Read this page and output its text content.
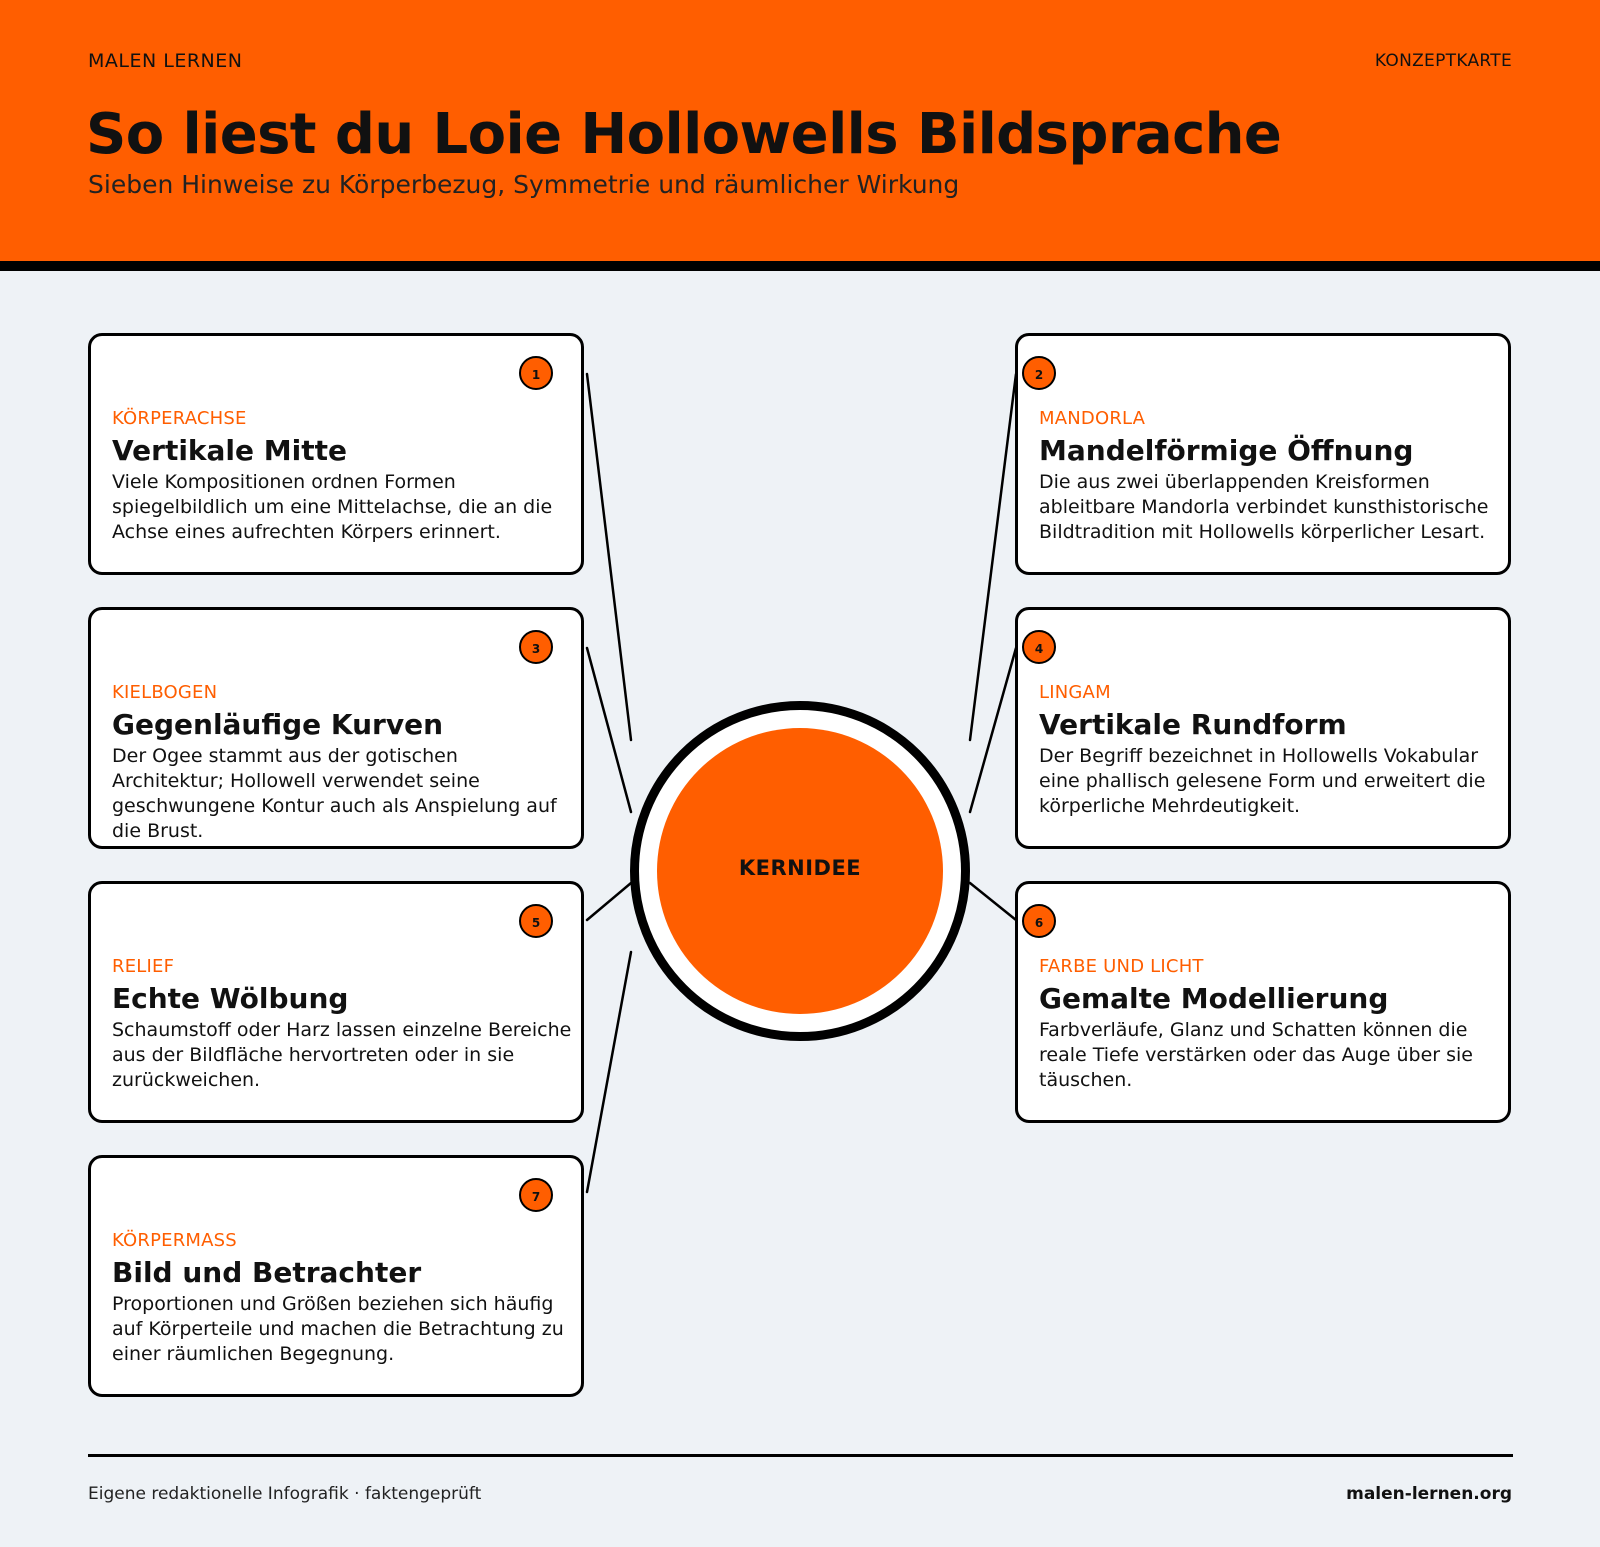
MALEN LERNEN	KONZEPTKARTE
So liest du Loie Hollowells Bildsprache
Sieben Hinweise zu Körperbezug, Symmetrie und räumlicher Wirkung
1
KÖRPERACHSE
Vertikale Mitte

Viele Kompositionen ordnen Formen spiegelbildlich um eine Mittelachse, die an die Achse eines aufrechten Körpers erinnert.

2
MANDORLA
Mandelförmige Öffnung

Die aus zwei überlappenden Kreisformen ableitbare Mandorla verbindet kunsthistorische Bildtradition mit Hollowells körperlicher Lesart.

3
KIELBOGEN
Gegenläufige Kurven

Der Ogee stammt aus der gotischen Architektur; Hollowell verwendet seine geschwungene Kontur auch als Anspielung auf die Brust.

4
LINGAM
Vertikale Rundform

Der Begriff bezeichnet in Hollowells Vokabular eine phallisch gelesene Form und erweitert die körperliche Mehrdeutigkeit.

5
RELIEF
Echte Wölbung

Schaumstoff oder Harz lassen einzelne Bereiche aus der Bildfläche hervortreten oder in sie zurückweichen.

6
FARBE UND LICHT
Gemalte Modellierung

Farbverläufe, Glanz und Schatten können die reale Tiefe verstärken oder das Auge über sie täuschen.

7
KÖRPERMASS
Bild und Betrachter

Proportionen und Größen beziehen sich häufig auf Körperteile und machen die Betrachtung zu einer räumlichen Begegnung.

KERNIDEE
Eigene redaktionelle Infografik · faktengeprüft	malen-lernen.org
